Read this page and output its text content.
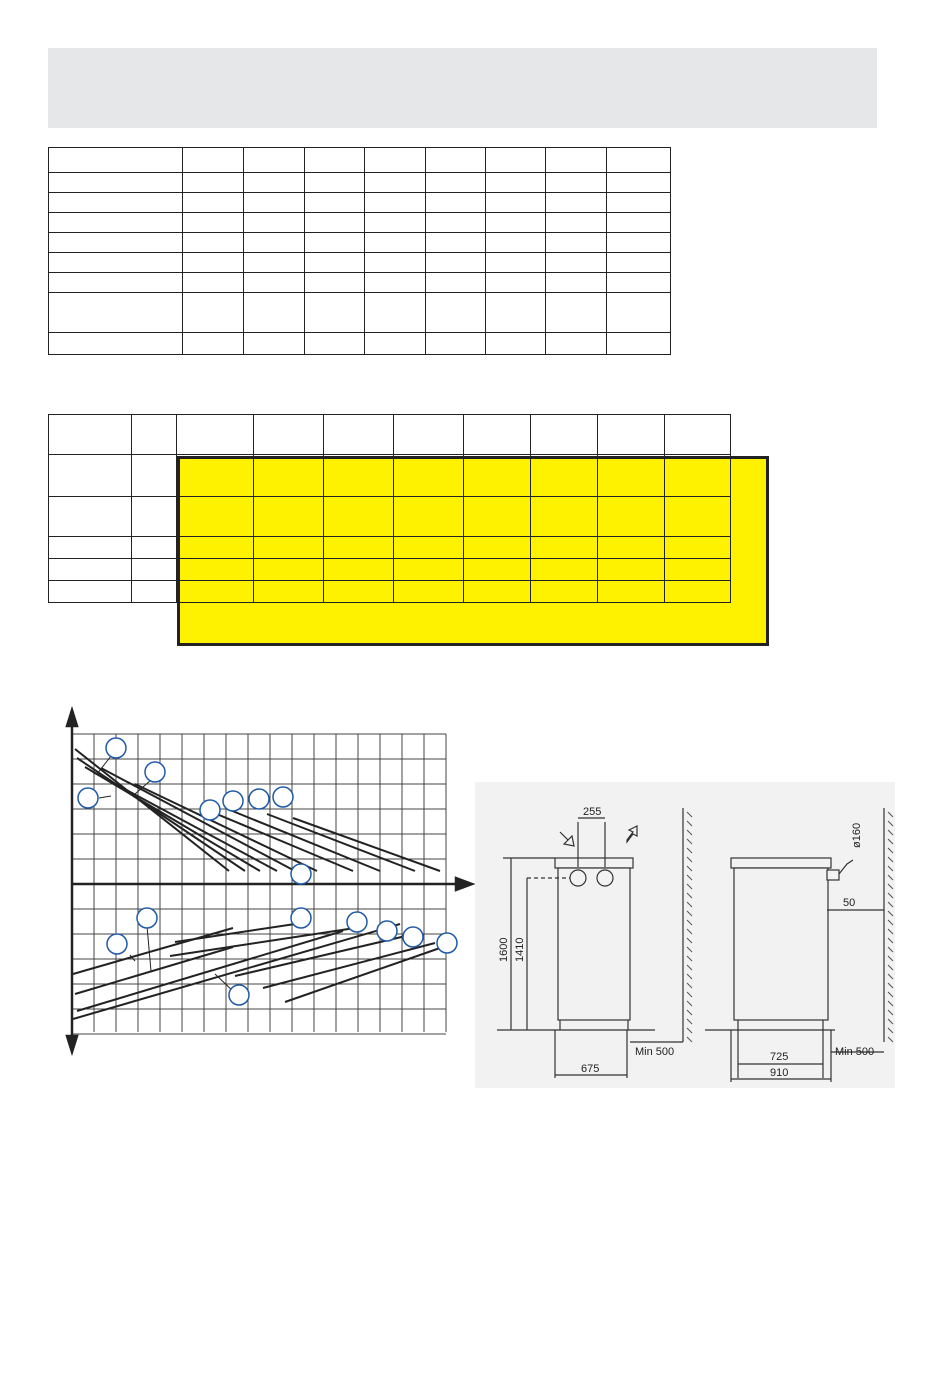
255
1600 1410
675
Min 500
ø160
50
725
910
Min 500
